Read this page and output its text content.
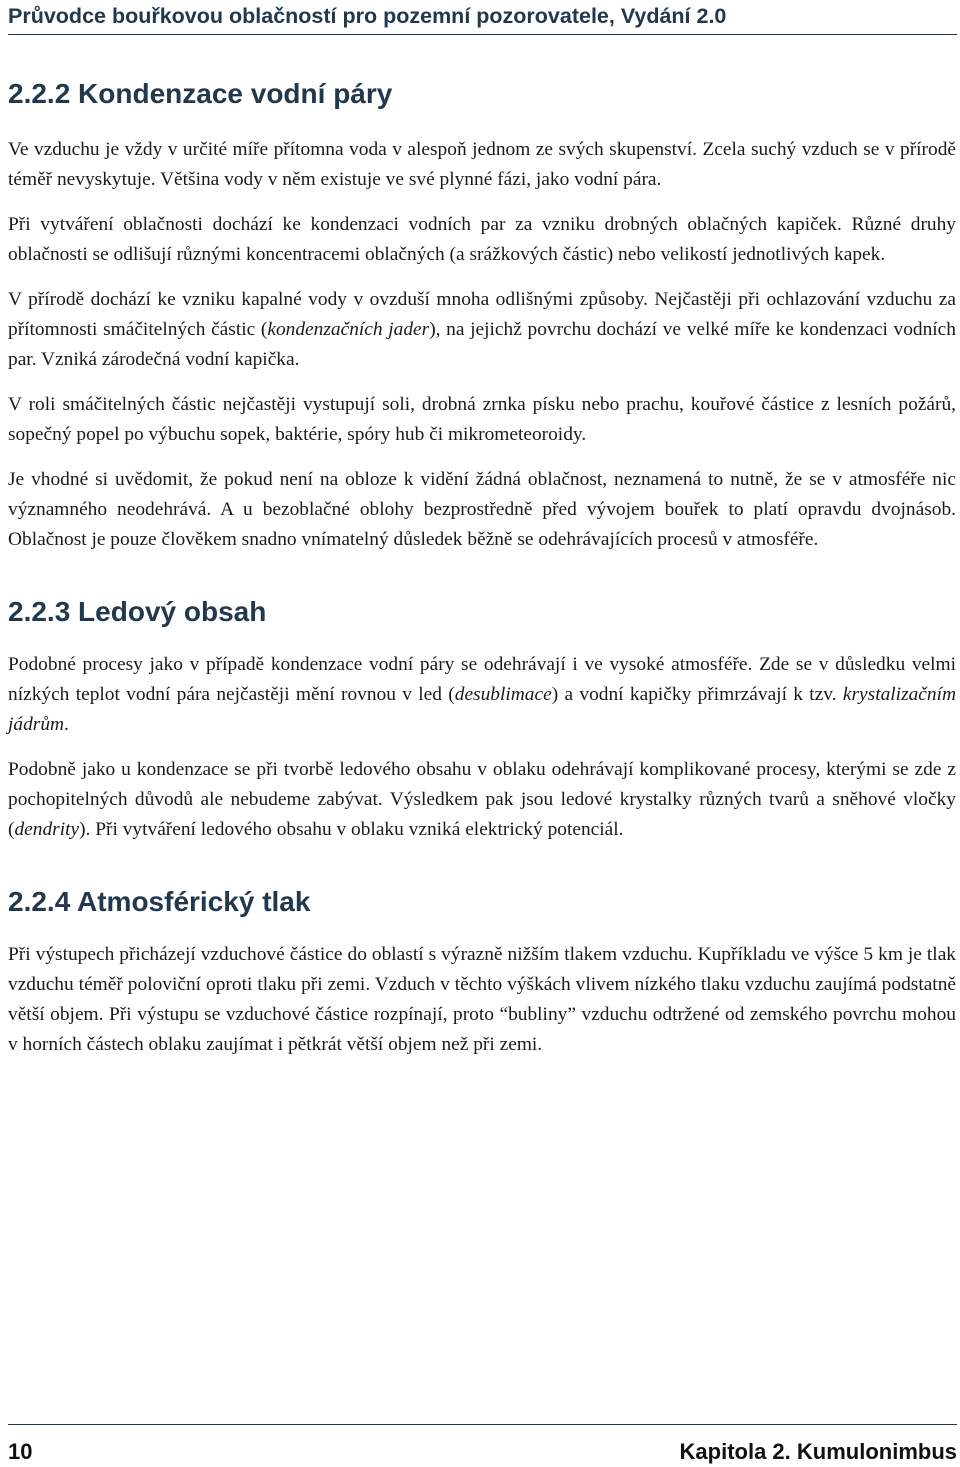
Průvodce bouřkovou oblačností pro pozemní pozorovatele, Vydání 2.0
2.2.2 Kondenzace vodní páry

Ve vzduchu je vždy v určité míře přítomna voda v alespoň jednom ze svých skupenství. Zcela suchý vzduch se v přírodě téměř nevyskytuje. Většina vody v něm existuje ve své plynné fázi, jako vodní pára.

Při vytváření oblačnosti dochází ke kondenzaci vodních par za vzniku drobných oblačných kapiček. Různé druhy oblačnosti se odlišují různými koncentracemi oblačných (a srážkových částic) nebo velikostí jednotlivých kapek.

V přírodě dochází ke vzniku kapalné vody v ovzduší mnoha odlišnými způsoby. Nejčastěji při ochlazování vzduchu za přítomnosti smáčitelných částic (kondenzačních jader), na jejichž povrchu dochází ve velké míře ke kondenzaci vodních par. Vzniká zárodečná vodní kapička.

V roli smáčitelných částic nejčastěji vystupují soli, drobná zrnka písku nebo prachu, kouřové částice z lesních požárů, sopečný popel po výbuchu sopek, baktérie, spóry hub či mikrometeoroidy.

Je vhodné si uvědomit, že pokud není na obloze k vidění žádná oblačnost, neznamená to nutně, že se v atmosféře nic významného neodehrává. A u bezoblačné oblohy bezprostředně před vývojem bouřek to platí opravdu dvojnásob. Oblačnost je pouze člověkem snadno vnímatelný důsledek běžně se odehrávajících procesů v atmosféře.

2.2.3 Ledový obsah

Podobné procesy jako v případě kondenzace vodní páry se odehrávají i ve vysoké atmosféře. Zde se v důsledku velmi nízkých teplot vodní pára nejčastěji mění rovnou v led (desublimace) a vodní kapičky přimrzávají k tzv. krystalizačním jádrům.

Podobně jako u kondenzace se při tvorbě ledového obsahu v oblaku odehrávají komplikované procesy, kterými se zde z pochopitelných důvodů ale nebudeme zabývat. Výsledkem pak jsou ledové krystalky různých tvarů a sněhové vločky (dendrity). Při vytváření ledového obsahu v oblaku vzniká elektrický potenciál.

2.2.4 Atmosférický tlak

Při výstupech přicházejí vzduchové částice do oblastí s výrazně nižším tlakem vzduchu. Kupříkladu ve výšce 5 km je tlak vzduchu téměř poloviční oproti tlaku při zemi. Vzduch v těchto výškách vlivem nízkého tlaku vzduchu zaujímá podstatně větší objem. Při výstupu se vzduchové částice rozpínají, proto “bubliny” vzduchu odtržené od zemského povrchu mohou v horních částech oblaku zaujímat i pětkrát větší objem než při zemi.

10	Kapitola 2. Kumulonimbus
